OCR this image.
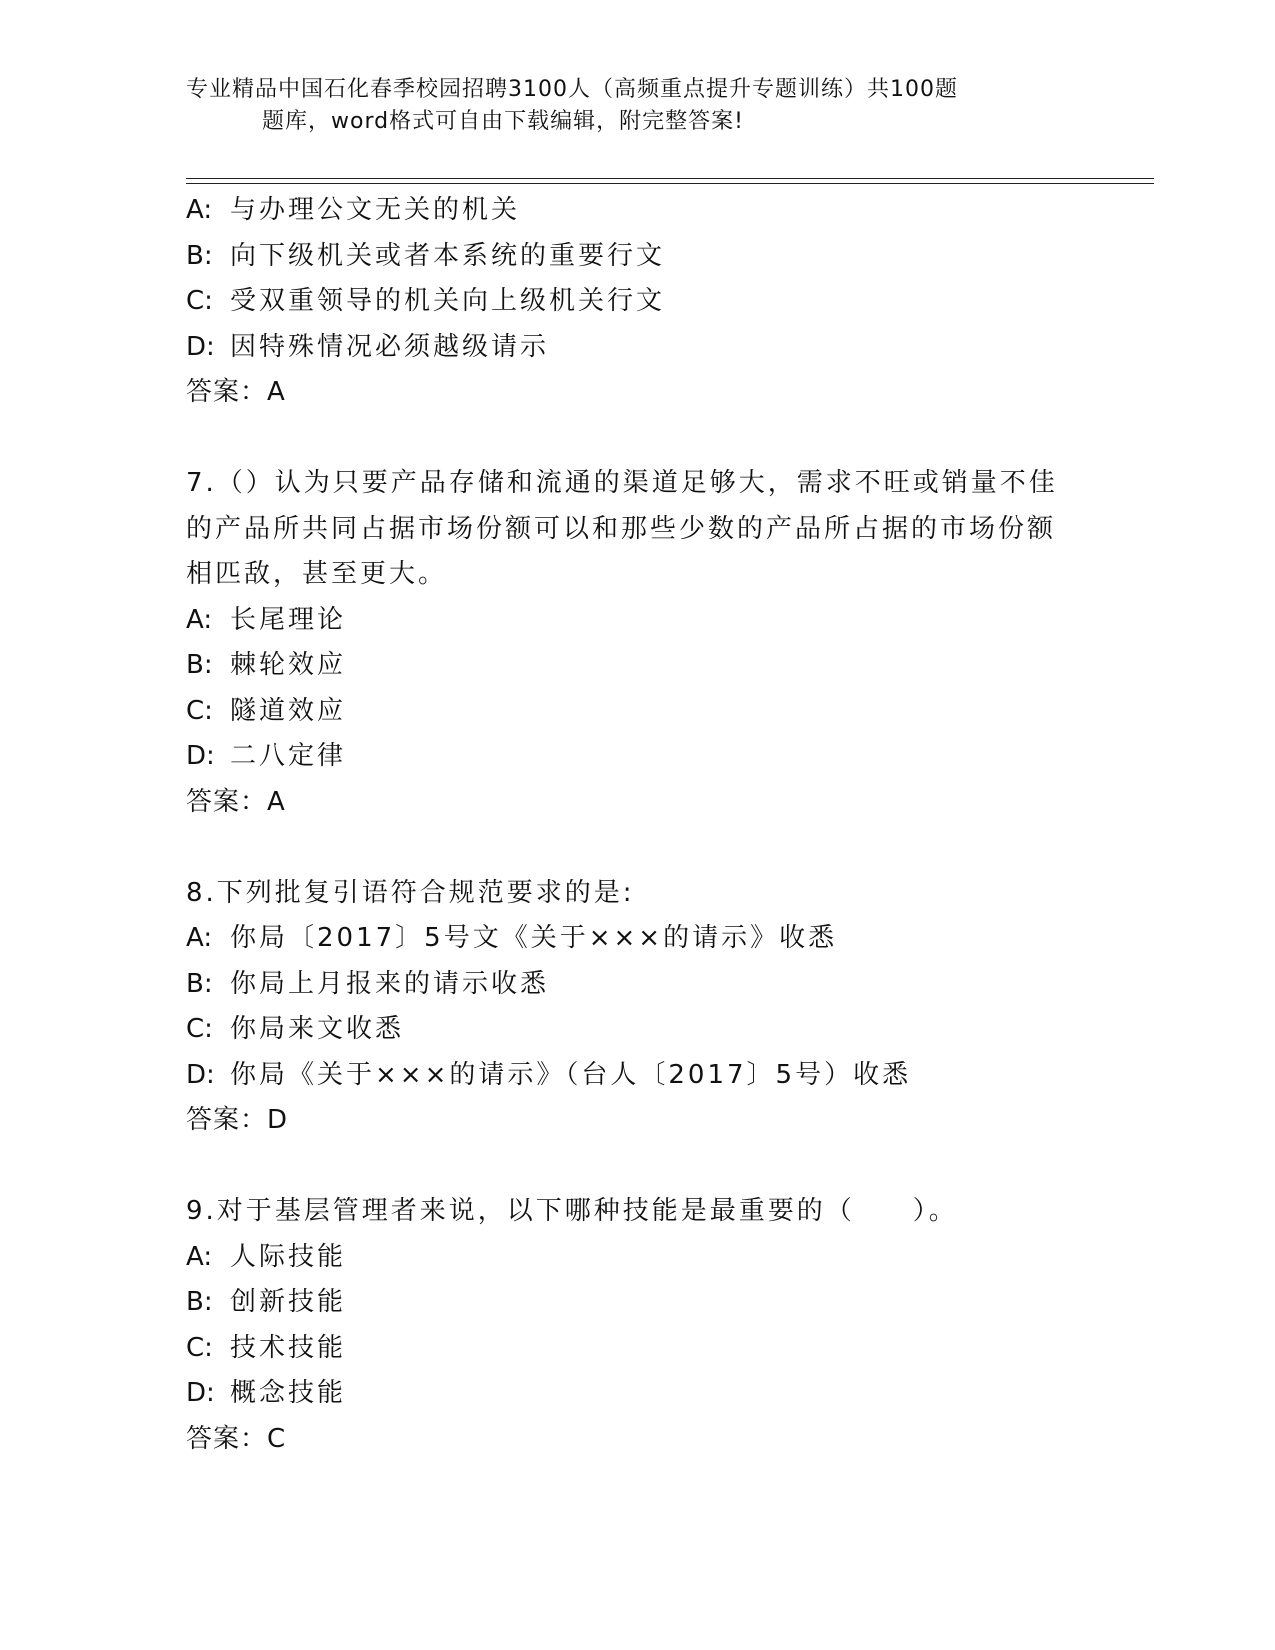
专业精品中国石化春季校园招聘3100人（高频重点提升专题训练）共100题
题库，word格式可自由下载编辑，附完整答案!
A: 与办理公文无关的机关
B: 向下级机关或者本系统的重要行文
C: 受双重领导的机关向上级机关行文
D: 因特殊情况必须越级请示
答案：A
7.（）认为只要产品存储和流通的渠道足够大，需求不旺或销量不佳
的产品所共同占据市场份额可以和那些少数的产品所占据的市场份额
相匹敌，甚至更大。
A: 长尾理论
B: 棘轮效应
C: 隧道效应
D: 二八定律
答案：A
8.下列批复引语符合规范要求的是:
A: 你局〔2017〕5号文《关于×××的请示》收悉
B: 你局上月报来的请示收悉
C: 你局来文收悉
D: 你局《关于×××的请示》（台人〔2017〕5号）收悉
答案：D
9.对于基层管理者来说，以下哪种技能是最重要的（　　）。
A: 人际技能
B: 创新技能
C: 技术技能
D: 概念技能
答案：C
